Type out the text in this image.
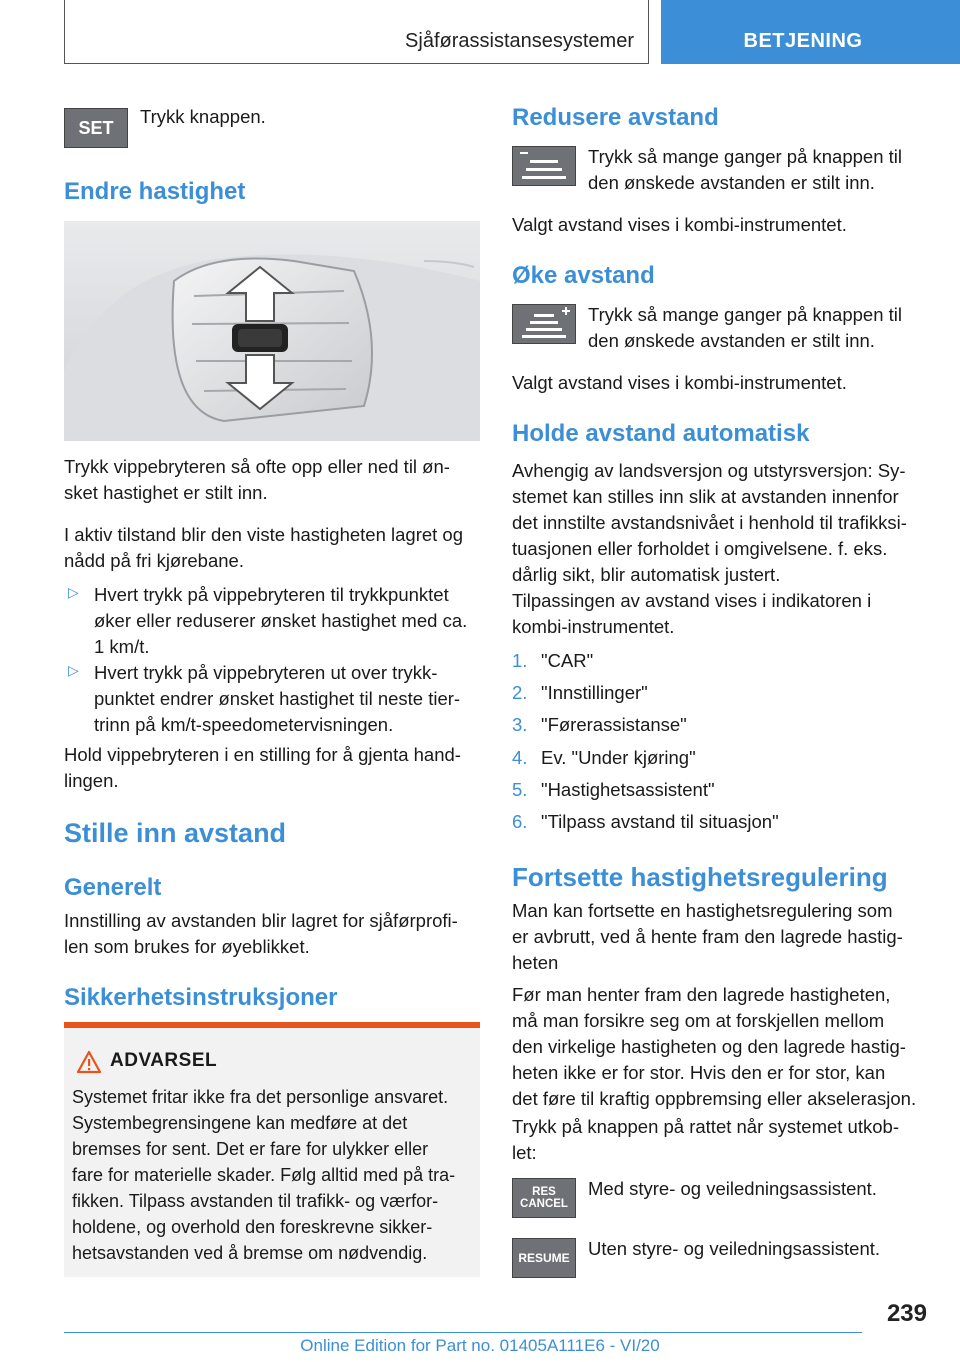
Sjåførassistansesystemer	BETJENING
SET

Trykk knappen.

Endre hastighet

Trykk vippebryteren så ofte opp eller ned til øn-
sket hastighet er stilt inn.

I aktiv tilstand blir den viste hastigheten lagret og
nådd på fri kjørebane.

▷ Hvert trykk på vippebryteren til trykkpunktet
øker eller reduserer ønsket hastighet med ca.
1 km/t.

▷ Hvert trykk på vippebryteren ut over trykk-
punktet endrer ønsket hastighet til neste tier-
trinn på km/t-speedometervisningen.

Hold vippebryteren i en stilling for å gjenta hand-
lingen.

Stille inn avstand
Generelt

Innstilling av avstanden blir lagret for sjåførprofi-
len som brukes for øyeblikket.

Sikkerhetsinstruksjoner
ADVARSEL

Systemet fritar ikke fra det personlige ansvaret.
Systembegrensingene kan medføre at det
bremses for sent. Det er fare for ulykker eller
fare for materielle skader. Følg alltid med på tra-
fikken. Tilpass avstanden til trafikk- og værfor-
holdene, og overhold den foreskrevne sikker-
hetsavstanden ved å bremse om nødvendig.

Redusere avstand

Trykk så mange ganger på knappen til
den ønskede avstanden er stilt inn.

Valgt avstand vises i kombi-instrumentet.

Øke avstand

Trykk så mange ganger på knappen til
den ønskede avstanden er stilt inn.

Valgt avstand vises i kombi-instrumentet.

Holde avstand automatisk

Avhengig av landsversjon og utstyrsversjon: Sy-
stemet kan stilles inn slik at avstanden innenfor
det innstilte avstandsnivået i henhold til trafikksi-
tuasjonen eller forholdet i omgivelsene. f. eks.
dårlig sikt, blir automatisk justert.

Tilpassingen av avstand vises i indikatoren i
kombi-instrumentet.

1. "CAR"
2. "Innstillinger"
3. "Førerassistanse"
4. Ev. "Under kjøring"
5. "Hastighetsassistent"
6. "Tilpass avstand til situasjon"
Fortsette hastighetsregulering

Man kan fortsette en hastighetsregulering som
er avbrutt, ved å hente fram den lagrede hastig-
heten

Før man henter fram den lagrede hastigheten,
må man forsikre seg om at forskjellen mellom
den virkelige hastigheten og den lagrede hastig-
heten ikke er for stor. Hvis den er for stor, kan
det føre til kraftig oppbremsing eller akselerasjon.

Trykk på knappen på rattet når systemet utkob-
let:

RES
CANCEL

Med styre- og veiledningsassistent.

RESUME Uten styre- og veiledningsassistent.

239
Online Edition for Part no. 01405A111E6 - VI/20
